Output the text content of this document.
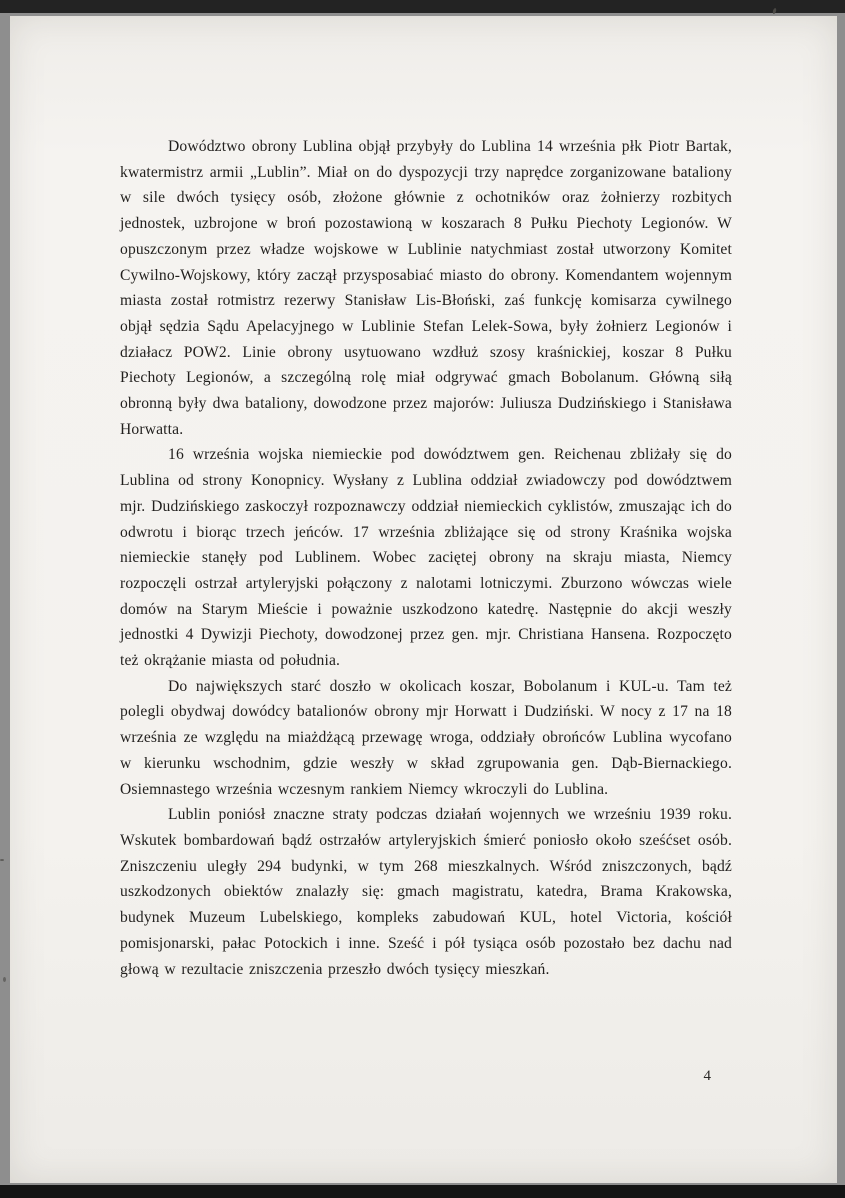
Dowództwo obrony Lublina objął przybyły do Lublina 14 września płk Piotr Bartak, kwatermistrz armii „Lublin”. Miał on do dyspozycji trzy naprędce zorganizowane bataliony w sile dwóch tysięcy osób, złożone głównie z ochotników oraz żołnierzy rozbitych jednostek, uzbrojone w broń pozostawioną w koszarach 8 Pułku Piechoty Legionów. W opuszczonym przez władze wojskowe w Lublinie natychmiast został utworzony Komitet Cywilno-Wojskowy, który zaczął przysposabiać miasto do obrony. Komendantem wojennym miasta został rotmistrz rezerwy Stanisław Lis-Błoński, zaś funkcję komisarza cywilnego objął sędzia Sądu Apelacyjnego w Lublinie Stefan Lelek-Sowa, były żołnierz Legionów i działacz POW2. Linie obrony usytuowano wzdłuż szosy kraśnickiej, koszar 8 Pułku Piechoty Legionów, a szczególną rolę miał odgrywać gmach Bobolanum. Główną siłą obronną były dwa bataliony, dowodzone przez majorów: Juliusza Dudzińskiego i Stanisława Horwatta.

16 września wojska niemieckie pod dowództwem gen. Reichenau zbliżały się do Lublina od strony Konopnicy. Wysłany z Lublina oddział zwiadowczy pod dowództwem mjr. Dudzińskiego zaskoczył rozpoznawczy oddział niemieckich cyklistów, zmuszając ich do odwrotu i biorąc trzech jeńców. 17 września zbliżające się od strony Kraśnika wojska niemieckie stanęły pod Lublinem. Wobec zaciętej obrony na skraju miasta, Niemcy rozpoczęli ostrzał artyleryjski połączony z nalotami lotniczymi. Zburzono wówczas wiele domów na Starym Mieście i poważnie uszkodzono katedrę. Następnie do akcji weszły jednostki 4 Dywizji Piechoty, dowodzonej przez gen. mjr. Christiana Hansena. Rozpoczęto też okrążanie miasta od południa.

Do największych starć doszło w okolicach koszar, Bobolanum i KUL-u. Tam też polegli obydwaj dowódcy batalionów obrony mjr Horwatt i Dudziński. W nocy z 17 na 18 września ze względu na miażdżącą przewagę wroga, oddziały obrońców Lublina wycofano w kierunku wschodnim, gdzie weszły w skład zgrupowania gen. Dąb-Biernackiego. Osiemnastego września wczesnym rankiem Niemcy wkroczyli do Lublina.

Lublin poniósł znaczne straty podczas działań wojennych we wrześniu 1939 roku. Wskutek bombardowań bądź ostrzałów artyleryjskich śmierć poniosło około sześćset osób. Zniszczeniu uległy 294 budynki, w tym 268 mieszkalnych. Wśród zniszczonych, bądź uszkodzonych obiektów znalazły się: gmach magistratu, katedra, Brama Krakowska, budynek Muzeum Lubelskiego, kompleks zabudowań KUL, hotel Victoria, kościół pomisjonarski, pałac Potockich i inne. Sześć i pół tysiąca osób pozostało bez dachu nad głową w rezultacie zniszczenia przeszło dwóch tysięcy mieszkań.

4
